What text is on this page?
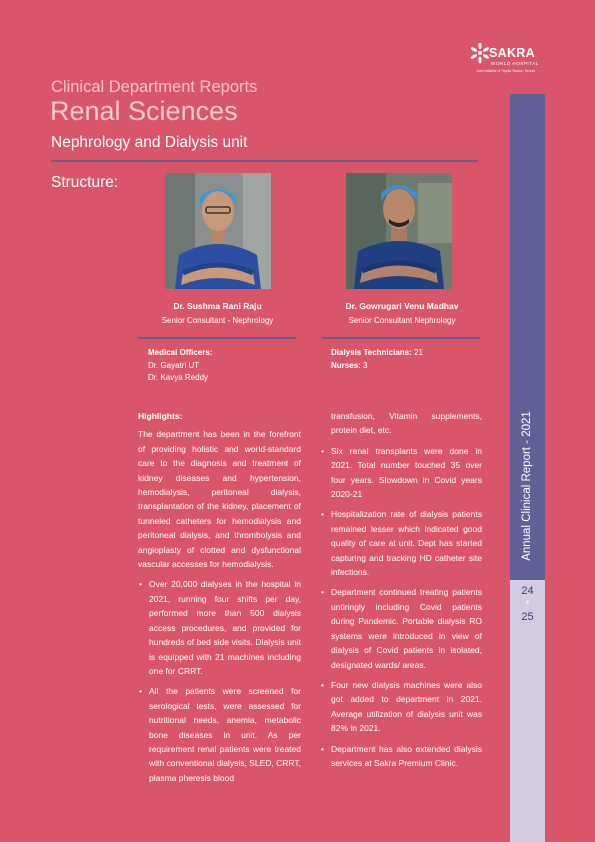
SAKRA
WORLD HOSPITAL
Joint Initiative of Toyota Tsusho, Secom
Clinical Department Reports
Renal Sciences
Nephrology and Dialysis unit
Structure:
Dr. Sushma Rani Raju
Senior Consultant - Nephrology
Dr. Gowrugari Venu Madhav
Senior Consultant Nephrology
Medical Officers:
Dr. Gayatri UT
Dr. Kavya Reddy
Dialysis Technicians: 21
Nurses: 3

Highlights:

The department has been in the forefront of providing holistic and world-standard care to the diagnosis and treatment of kidney diseases and hypertension, hemodialysis, peritoneal dialysis, transplantation of the kidney, placement of tunneled catheters for hemodialysis and peritoneal dialysis, and thrombolysis and angioplasty of clotted and dysfunctional vascular accesses for hemodialysis.

• Over 20,000 dialyses in the hospital in 2021, running four shifts per day, performed more than 500 dialysis access procedures, and provided for hundreds of bed side visits. Dialysis unit is equipped with 21 machines including one for CRRT.
• All the patients were screened for serological tests, were assessed for nutritional needs, anemia, metabolic bone diseases in unit. As per requirement renal patients were treated with conventional dialysis, SLED, CRRT, plasma pheresis blood

transfusion, Vitamin supplements, protein diet, etc.

• Six renal transplants were done in 2021. Total number touched 35 over four years. Slowdown in Covid years 2020-21
• Hospitalization rate of dialysis patients remained lesser which indicated good quality of care at unit. Dept has started capturing and tracking HD catheter site infections.
• Department continued treating patients untiringly including Covid patients during Pandemic. Portable dialysis RO systems were introduced in view of dialysis of Covid patients in isolated, designated wards/ areas.
• Four new dialysis machines were also got added to department in 2021. Average utilization of dialysis unit was 82% in 2021.
• Department has also extended dialysis services at Sakra Premium Clinic.
Annual Clinical Report - 2021
24
&
25
